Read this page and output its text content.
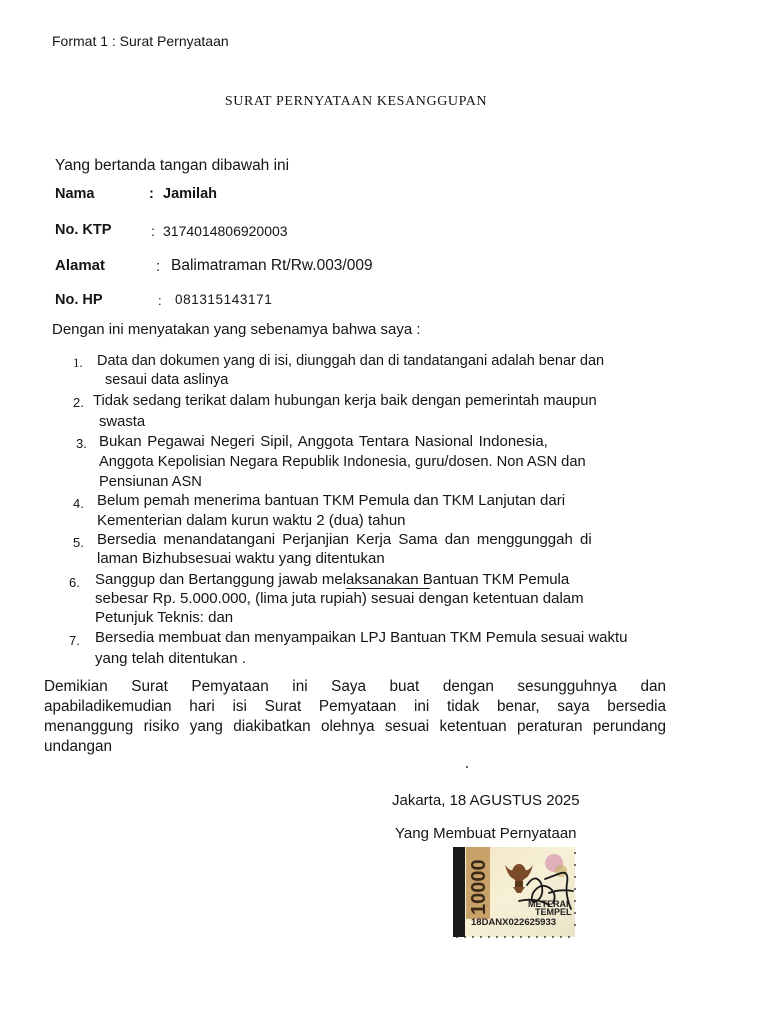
Format 1 : Surat Pernyataan
SURAT PERNYATAAN KESANGGUPAN
Yang bertanda tangan dibawah ini
Nama	: Jamilah
No. KTP	: 3174014806920003
Alamat	: Balimatraman Rt/Rw.003/009
No. HP	: 081315143171
Dengan ini menyatakan yang sebenamya bahwa saya :
1. Data dan dokumen yang di isi, diunggah dan di tandatangani adalah benar dan
sesaui data aslinya
2. Tidak sedang terikat dalam hubungan kerja baik dengan pemerintah maupun
swasta
3. Bukan Pegawai Negeri Sipil, Anggota Tentara Nasional Indonesia,
Anggota Kepolisian Negara Republik Indonesia, guru/dosen. Non ASN dan
Pensiunan ASN
4. Belum pemah menerima bantuan TKM Pemula dan TKM Lanjutan dari
Kementerian dalam kurun waktu 2 (dua) tahun
5. Bersedia menandatangani Perjanjian Kerja Sama dan menggunggah di
laman Bizhubsesuai waktu yang ditentukan
6. Sanggup dan Bertanggung jawab melaksanakan Bantuan TKM Pemula
sebesar Rp. 5.000.000, (lima juta rupiah) sesuai dengan ketentuan dalam
Petunjuk Teknis: dan
7. Bersedia membuat dan menyampaikan LPJ Bantuan TKM Pemula sesuai waktu
yang telah ditentukan .
Demikian Surat Pemyataan ini Saya buat dengan sesungguhnya dan
apabiladikemudian hari isi Surat Pemyataan ini tidak benar, saya bersedia
menanggung risiko yang diakibatkan olehnya sesuai ketentuan peraturan perundang
undangan
Jakarta, 18 AGUSTUS 2025
Yang Membuat Pernyataan
10000	METERAI
TEMPEL
18DANX022625933
